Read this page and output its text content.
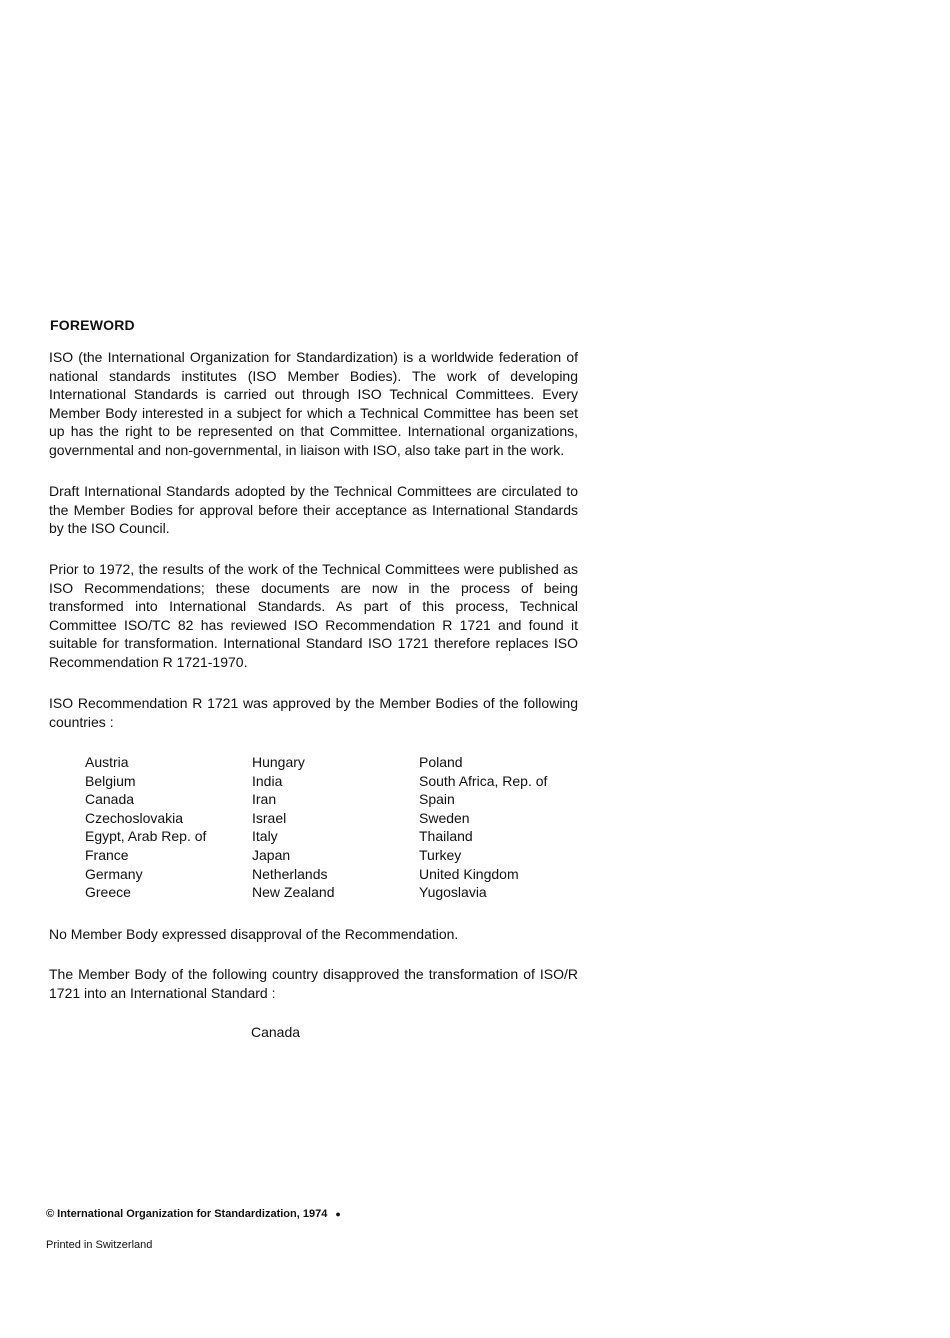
FOREWORD

ISO (the International Organization for Standardization) is a worldwide federation of national standards institutes (ISO Member Bodies). The work of developing International Standards is carried out through ISO Technical Committees. Every Member Body interested in a subject for which a Technical Committee has been set up has the right to be represented on that Committee. International organizations, governmental and non-governmental, in liaison with ISO, also take part in the work.

Draft International Standards adopted by the Technical Committees are circulated to the Member Bodies for approval before their acceptance as International Standards by the ISO Council.

Prior to 1972, the results of the work of the Technical Committees were published as ISO Recommendations; these documents are now in the process of being transformed into International Standards. As part of this process, Technical Committee ISO/TC 82 has reviewed ISO Recommendation R 1721 and found it suitable for transformation. International Standard ISO 1721 therefore replaces ISO Recommendation R 1721-1970.

ISO Recommendation R 1721 was approved by the Member Bodies of the following countries :

Austria
Belgium
Canada
Czechoslovakia
Egypt, Arab Rep. of
France
Germany
Greece
Hungary
India
Iran
Israel
Italy
Japan
Netherlands
New Zealand
Poland
South Africa, Rep. of
Spain
Sweden
Thailand
Turkey
United Kingdom
Yugoslavia

No Member Body expressed disapproval of the Recommendation.

The Member Body of the following country disapproved the transformation of ISO/R 1721 into an International Standard :

Canada
© International Organization for Standardization, 1974 ●
Printed in Switzerland
